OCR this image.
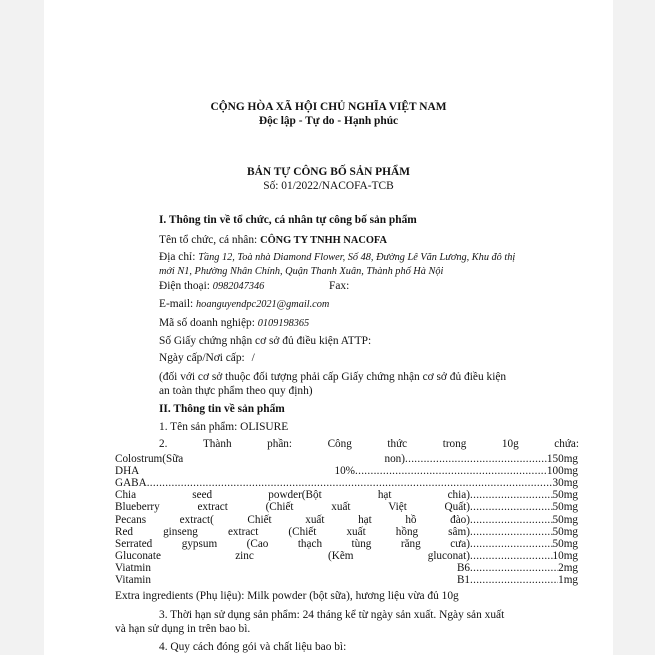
CỘNG HÒA XÃ HỘI CHỦ NGHĨA VIỆT NAM
Độc lập - Tự do - Hạnh phúc
BẢN TỰ CÔNG BỐ SẢN PHẨM
Số: 01/2022/NACOFA-TCB
I. Thông tin về tổ chức, cá nhân tự công bố sản phẩm
Tên tổ chức, cá nhân: CÔNG TY TNHH NACOFA
Địa chỉ: Tầng 12, Toà nhà Diamond Flower, Số 48, Đường Lê Văn Lương, Khu đô thị
mới N1, Phường Nhân Chính, Quận Thanh Xuân, Thành phố Hà Nội
Điện thoại: 0982047346	Fax:
E-mail: hoanguyendpc2021@gmail.com
Mã số doanh nghiệp: 0109198365
Số Giấy chứng nhận cơ sở đủ điều kiện ATTP:
Ngày cấp/Nơi cấp: /
(đối với cơ sở thuộc đối tượng phải cấp Giấy chứng nhận cơ sở đủ điều kiện
an toàn thực phẩm theo quy định)
II. Thông tin về sản phẩm
1. Tên sản phẩm: OLISURE
2.	Thành	phần:	Công	thức	trong	10g	chứa:
Colostrum(Sữa	non) .....	150mg
DHA	10% .....	100mg
GABA .....	30mg
Chia	seed	powder(Bột	hạt	chia) .....	50mg
Blueberry	extract	(Chiết	xuất	Việt	Quất) .....	50mg
Pecans	extract(	Chiết	xuất	hạt	hồ	đào) .....	50mg
Red	ginseng	extract	(Chiết	xuất	hồng	sâm) .....	50mg
Serrated	gypsum	(Cao	thạch	tùng	răng	cưa) .....	50mg
Gluconate	zinc	(Kẽm	gluconat) .....	10mg
Viatmin	B6 .....	2mg
Vitamin	B1 .....	1mg
Extra ingredients (Phụ liệu): Milk powder (bột sữa), hương liệu vừa đủ 10g
3. Thời hạn sử dụng sản phẩm: 24 tháng kể từ ngày sản xuất. Ngày sản xuất
và hạn sử dụng in trên bao bì.
4. Quy cách đóng gói và chất liệu bao bì:
